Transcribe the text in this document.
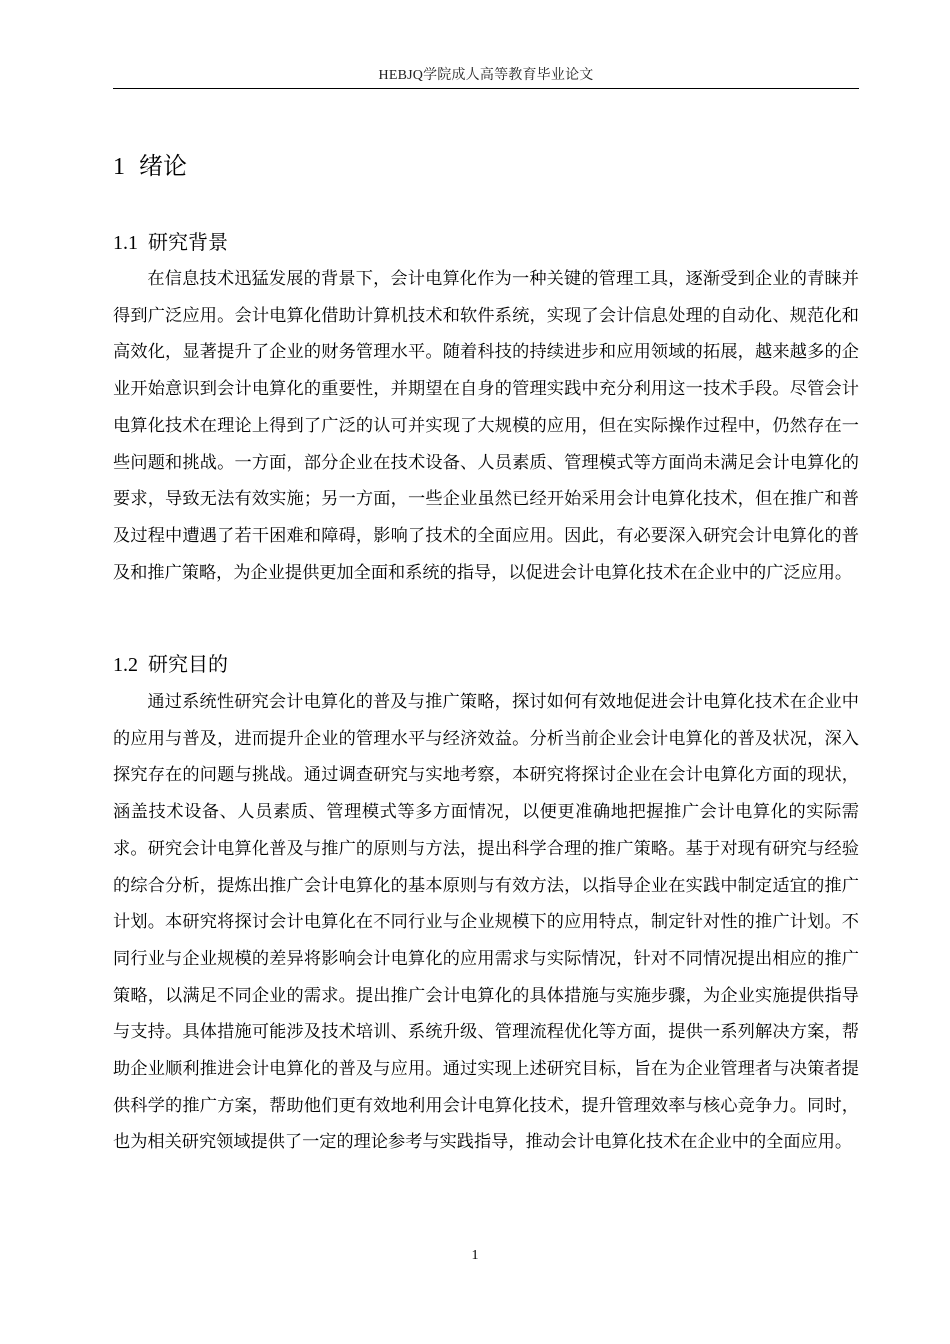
HEBJQ学院成人高等教育毕业论文
1 绪论
1.1 研究背景

在信息技术迅猛发展的背景下，会计电算化作为一种关键的管理工具，逐渐受到企业的青睐并得到广泛应用。会计电算化借助计算机技术和软件系统，实现了会计信息处理的自动化、规范化和高效化，显著提升了企业的财务管理水平。随着科技的持续进步和应用领域的拓展，越来越多的企业开始意识到会计电算化的重要性，并期望在自身的管理实践中充分利用这一技术手段。尽管会计电算化技术在理论上得到了广泛的认可并实现了大规模的应用，但在实际操作过程中，仍然存在一些问题和挑战。一方面，部分企业在技术设备、人员素质、管理模式等方面尚未满足会计电算化的要求，导致无法有效实施；另一方面，一些企业虽然已经开始采用会计电算化技术，但在推广和普及过程中遭遇了若干困难和障碍，影响了技术的全面应用。因此，有必要深入研究会计电算化的普及和推广策略，为企业提供更加全面和系统的指导，以促进会计电算化技术在企业中的广泛应用。

1.2 研究目的

通过系统性研究会计电算化的普及与推广策略，探讨如何有效地促进会计电算化技术在企业中的应用与普及，进而提升企业的管理水平与经济效益。分析当前企业会计电算化的普及状况，深入探究存在的问题与挑战。通过调查研究与实地考察，本研究将探讨企业在会计电算化方面的现状，涵盖技术设备、人员素质、管理模式等多方面情况，以便更准确地把握推广会计电算化的实际需求。研究会计电算化普及与推广的原则与方法，提出科学合理的推广策略。基于对现有研究与经验的综合分析，提炼出推广会计电算化的基本原则与有效方法，以指导企业在实践中制定适宜的推广计划。本研究将探讨会计电算化在不同行业与企业规模下的应用特点，制定针对性的推广计划。不同行业与企业规模的差异将影响会计电算化的应用需求与实际情况，针对不同情况提出相应的推广策略，以满足不同企业的需求。提出推广会计电算化的具体措施与实施步骤，为企业实施提供指导与支持。具体措施可能涉及技术培训、系统升级、管理流程优化等方面，提供一系列解决方案，帮助企业顺利推进会计电算化的普及与应用。通过实现上述研究目标，旨在为企业管理者与决策者提供科学的推广方案，帮助他们更有效地利用会计电算化技术，提升管理效率与核心竞争力。同时，也为相关研究领域提供了一定的理论参考与实践指导，推动会计电算化技术在企业中的全面应用。

1
